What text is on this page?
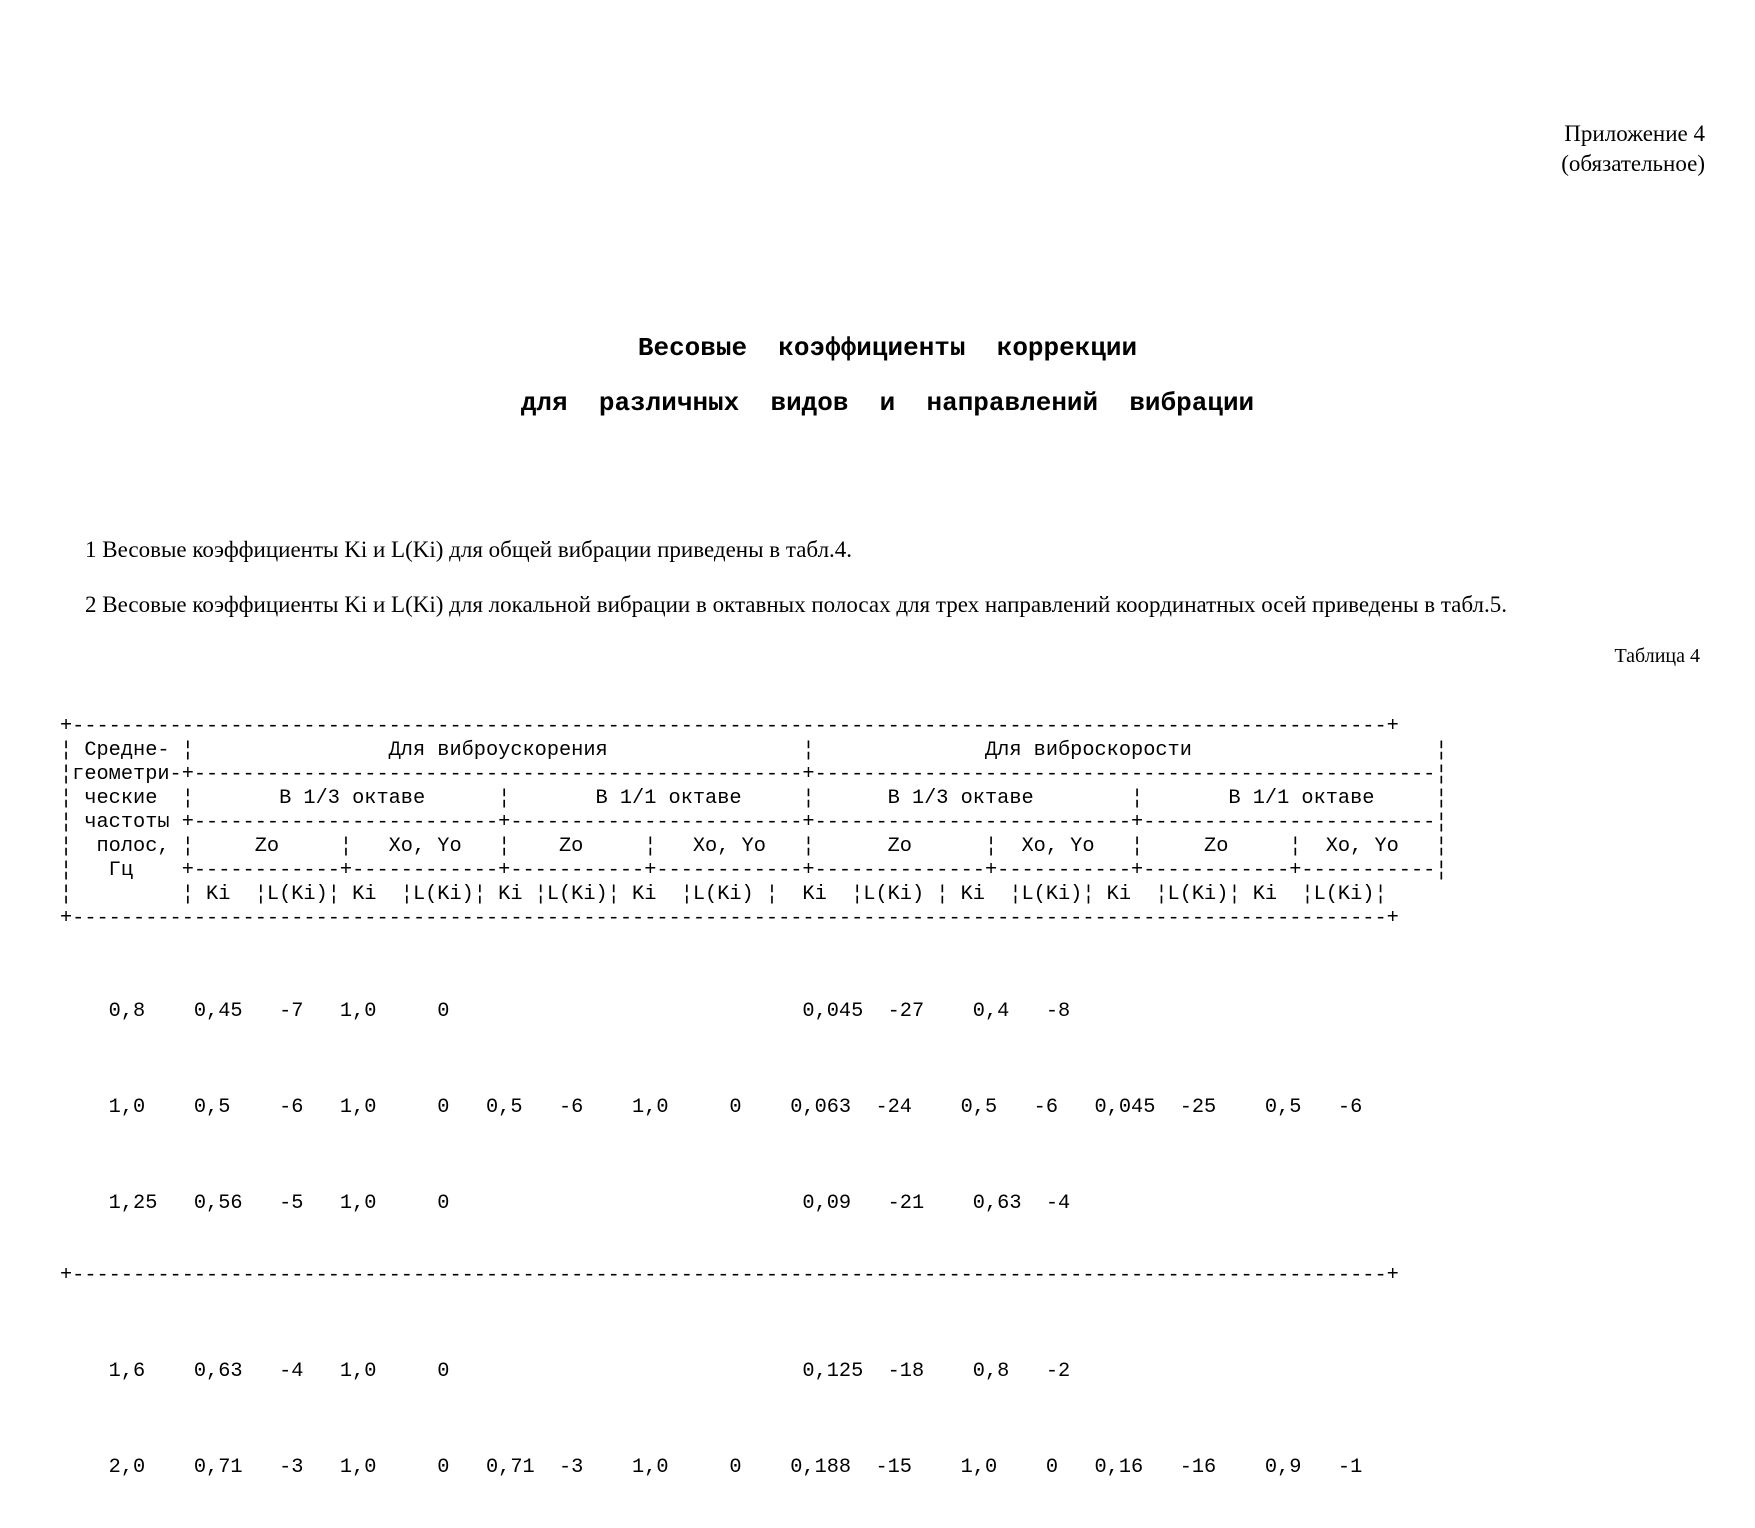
Приложение 4
(обязательное)
Весовые  коэффициенты  коррекции
для  различных  видов  и  направлений  вибрации
1 Весовые коэффициенты Ki и L(Ki) для общей вибрации приведены в табл.4.
2 Весовые коэффициенты Ki и L(Ki) для локальной вибрации в октавных полосах для трех направлений координатных осей приведены в табл.5.
Таблица 4
+------------------------------------------------------------------------------------------------------------+
¦ Средне- ¦                Для виброускорения                ¦              Для виброскорости                    ¦
¦геометри-+--------------------------------------------------+---------------------------------------------------¦
¦ ческие  ¦       В 1/3 октаве      ¦       В 1/1 октаве     ¦      В 1/3 октаве        ¦       В 1/1 октаве     ¦
¦ частоты +-------------------------+------------------------+--------------------------+------------------------¦
¦  полос, ¦     Zo     ¦   Xo, Yo   ¦    Zo     ¦   Xo, Yo   ¦      Zo      ¦  Xo, Yo   ¦     Zo     ¦  Xo, Yo   ¦
¦   Гц    +------------+------------+-----------+------------+--------------+-----------+------------+-----------¦
¦         ¦ Ki  ¦L(Ki)¦ Ki  ¦L(Ki)¦ Ki ¦L(Ki)¦ Ki  ¦L(Ki) ¦  Ki  ¦L(Ki) ¦ Ki  ¦L(Ki)¦ Ki  ¦L(Ki)¦ Ki  ¦L(Ki)¦
+------------------------------------------------------------------------------------------------------------+

0,8    0,45   -7   1,0     0                             0,045  -27    0,4   -8

1,0    0,5    -6   1,0     0   0,5   -6    1,0     0    0,063  -24    0,5   -6   0,045  -25    0,5   -6

1,25   0,56   -5   1,0     0                             0,09   -21    0,63  -4

+------------------------------------------------------------------------------------------------------------+

1,6    0,63   -4   1,0     0                             0,125  -18    0,8   -2

2,0    0,71   -3   1,0     0   0,71  -3    1,0     0    0,188  -15    1,0    0   0,16   -16    0,9   -1
